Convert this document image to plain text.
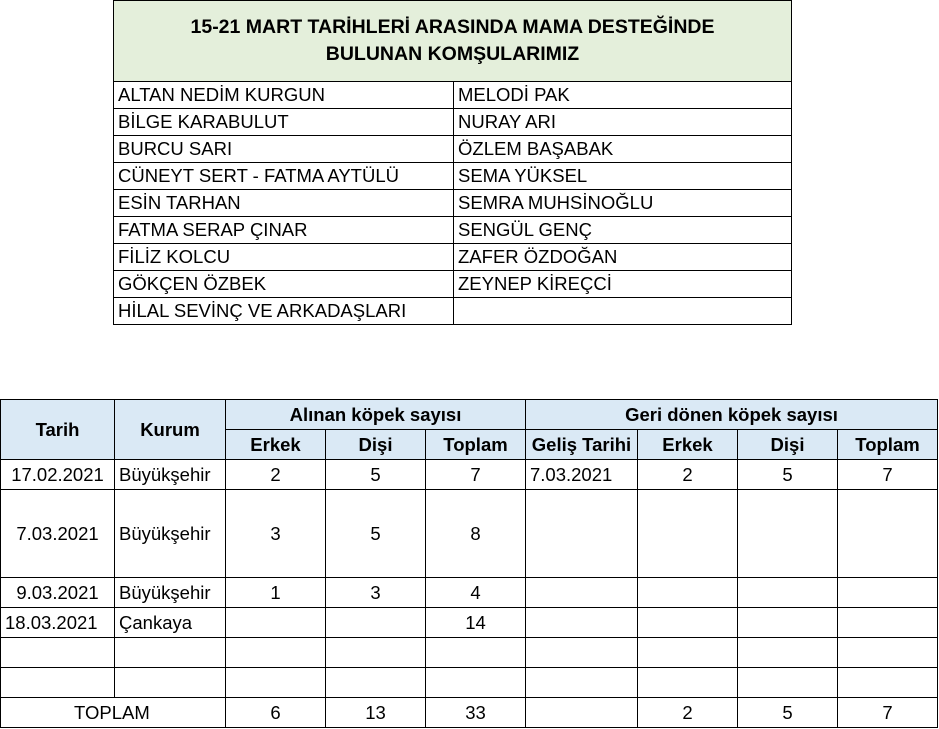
15-21 MART TARİHLERİ ARASINDA MAMA DESTEĞİNDE
BULUNAN KOMŞULARIMIZ	

ALTAN NEDİM KURGUN	MELODİ PAK
BİLGE KARABULUT	NURAY ARI
BURCU SARI	ÖZLEM BAŞABAK
CÜNEYT SERT - FATMA AYTÜLÜ	SEMA YÜKSEL
ESİN TARHAN	SEMRA MUHSİNOĞLU
FATMA SERAP ÇINAR	SENGÜL GENÇ
FİLİZ KOLCU	ZAFER ÖZDOĞAN
GÖKÇEN ÖZBEK	ZEYNEP KİREÇCİ
HİLAL SEVİNÇ VE ARKADAŞLARI	
Tarih	Kurum	Alınan köpek sayısı			Geri dönen köpek sayısı			
		Erkek	Dişi	Toplam	Geliş Tarihi	Erkek	Dişi	Toplam
17.02.2021	Büyükşehir	2	5	7	7.03.2021	2	5	7
7.03.2021	Büyükşehir	3	5	8				
9.03.2021	Büyükşehir	1	3	4				
18.03.2021	Çankaya			14				

TOPLAM		6	13	33		2	5	7
